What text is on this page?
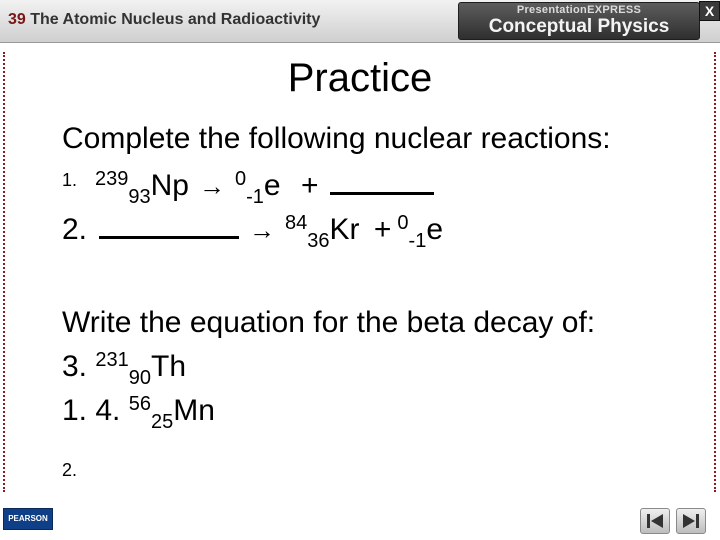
39 The Atomic Nucleus and Radioactivity
PresentationEXPRESS
Conceptual Physics
X
Practice
Complete the following nuclear reactions:
$^{1.}$ $^{239}_{93}$Np → $^0_{-1}$e +
2.	→ $^{84}_{36}$Kr + $^0_{-1}$e
Write the equation for the beta decay of:
3. $^{231}_{90}$Th
1. 4. $^{56}_{25}$Mn
2.
PEARSON
